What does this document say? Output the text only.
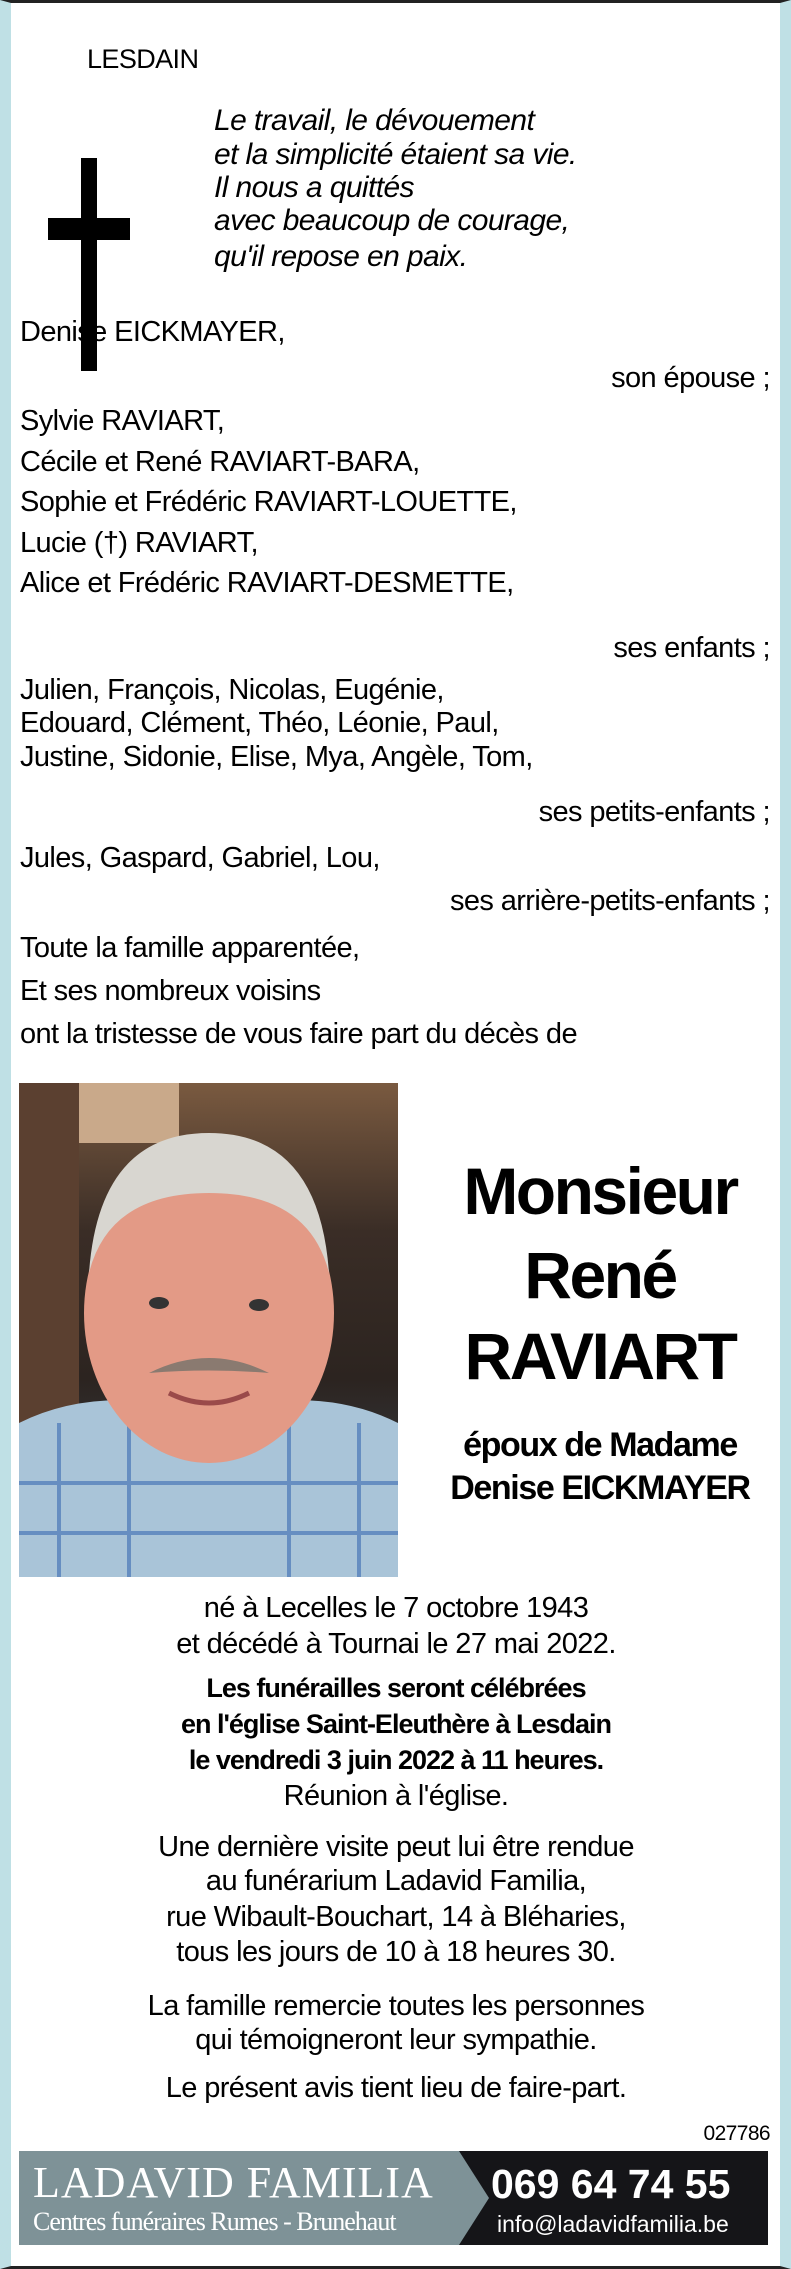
LESDAIN
Le travail, le dévouement
et la simplicité étaient sa vie.
Il nous a quittés
avec beaucoup de courage,
qu'il repose en paix.
Denise EICKMAYER,
son épouse ;
Sylvie RAVIART,
Cécile et René RAVIART-BARA,
Sophie et Frédéric RAVIART-LOUETTE,
Lucie (†) RAVIART,
Alice et Frédéric RAVIART-DESMETTE,
ses enfants ;
Julien, François, Nicolas, Eugénie,
Edouard, Clément, Théo, Léonie, Paul,
Justine, Sidonie, Elise, Mya, Angèle, Tom,
ses petits-enfants ;
Jules, Gaspard, Gabriel, Lou,
ses arrière-petits-enfants ;
Toute la famille apparentée,
Et ses nombreux voisins
ont la tristesse de vous faire part du décès de
Monsieur
René
RAVIART
époux de Madame
Denise EICKMAYER
né à Lecelles le 7 octobre 1943
et décédé à Tournai le 27 mai 2022.
Les funérailles seront célébrées
en l'église Saint-Eleuthère à Lesdain
le vendredi 3 juin 2022 à 11 heures.
Réunion à l'église.
Une dernière visite peut lui être rendue
au funérarium Ladavid Familia,
rue Wibault-Bouchart, 14 à Bléharies,
tous les jours de 10 à 18 heures 30.
La famille remercie toutes les personnes
qui témoigneront leur sympathie.
Le présent avis tient lieu de faire-part.
027786
LADAVID FAMILIA
Centres funéraires Rumes - Brunehaut
069 64 74 55
info@ladavidfamilia.be
